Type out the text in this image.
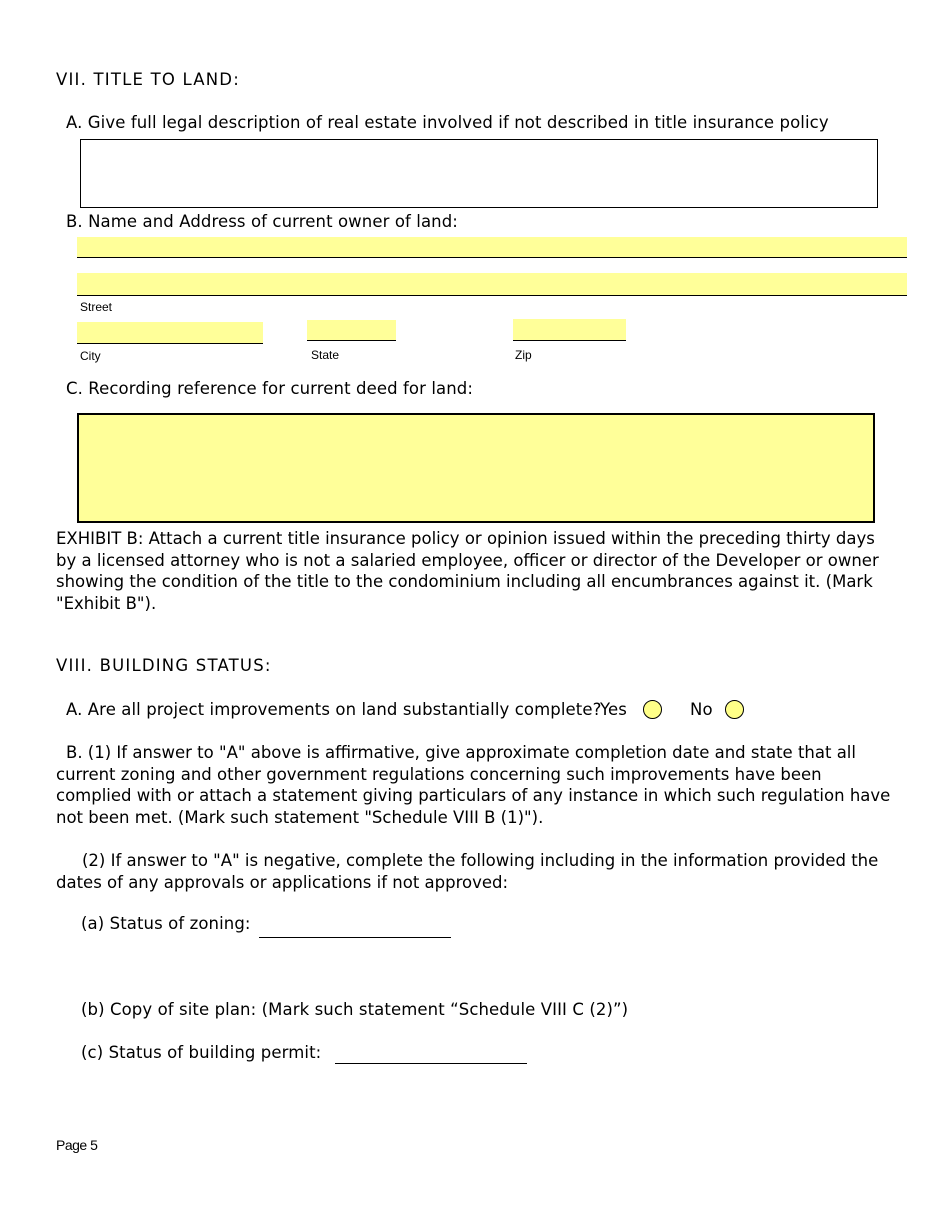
VII. TITLE TO LAND:
A. Give full legal description of real estate involved if not described in title insurance policy
B. Name and Address of current owner of land:
Street
City	State	Zip
C. Recording reference for current deed for land:
EXHIBIT B: Attach a current title insurance policy or opinion issued within the preceding thirty days by a licensed attorney who is not a salaried employee, officer or director of the Developer or owner showing the condition of the title to the condominium including all encumbrances against it. (Mark "Exhibit B").
VIII. BUILDING STATUS:
A. Are all project improvements on land substantially complete?
Yes	No
B. (1) If answer to "A" above is affirmative, give approximate completion date and state that all current zoning and other government regulations concerning such improvements have been complied with or attach a statement giving particulars of any instance in which such regulation have not been met. (Mark such statement "Schedule VIII B (1)").
(2) If answer to "A" is negative, complete the following including in the information provided the dates of any approvals or applications if not approved:
(a) Status of zoning:
(b) Copy of site plan: (Mark such statement “Schedule VIII C (2)”)
(c) Status of building permit:
Page 5
